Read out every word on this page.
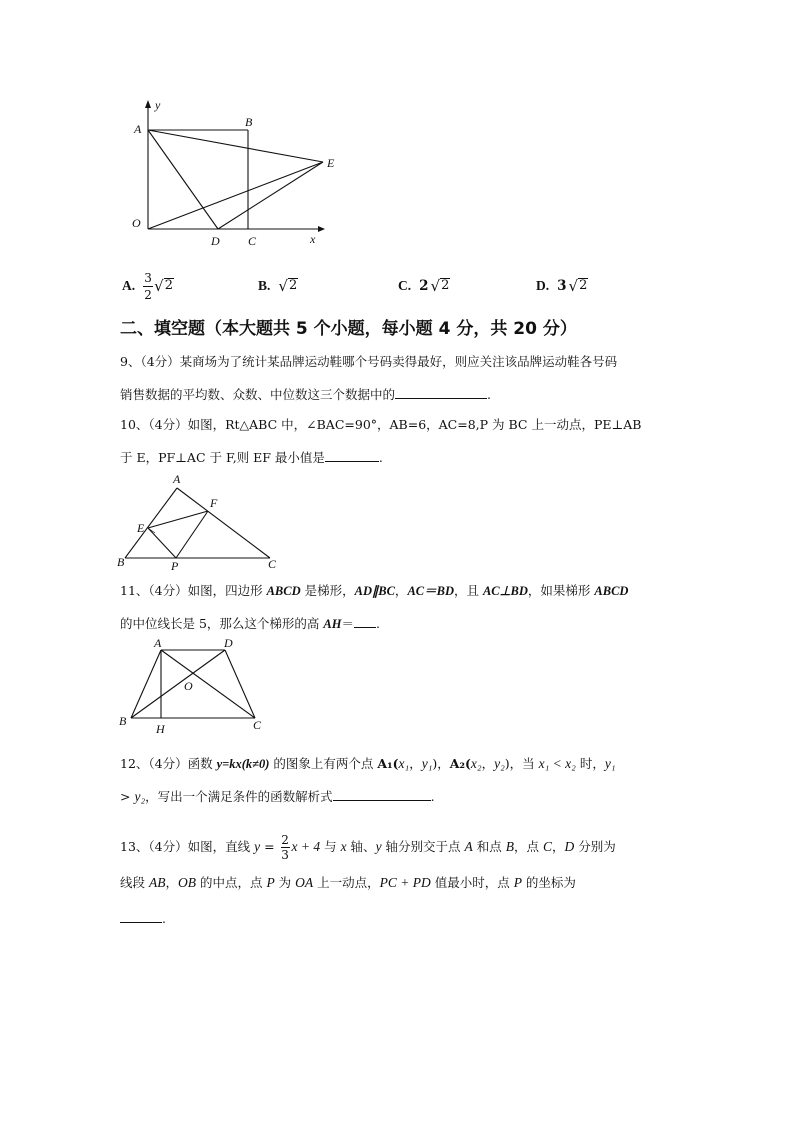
y
x
A	B
E
O
D C
A. $\frac{3}{2}$ √ 2	B. √ 2	C. 2 √ 2	D. 3 √ 2
二、填空题（本大题共 5 个小题，每小题 4 分，共 20 分）
9、（4分）某商场为了统计某品牌运动鞋哪个号码卖得最好，则应关注该品牌运动鞋各号码
销售数据的平均数、众数、中位数这三个数据中的	.
10、（4分）如图，Rt△ABC 中，∠BAC=90°，AB=6，AC=8,P 为 BC 上一动点，PE⊥AB
于 E，PF⊥AC 于 F,则 EF 最小值是	.
A
F
E
B	P	C
11、（4分）如图，四边形 ABCD 是梯形，AD∥BC，AC＝BD，且 AC⊥BD，如果梯形 ABCD
的中位线长是 5，那么这个梯形的高 AH＝ .
A	D
O
B
H	C
12、（4分）函数 y=kx(k≠0) 的图象上有两个点 A₁(x₁，y₁)，A₂(x₂，y₂)，当 x₁ < x₂ 时，y₁
> y₂，写出一个满足条件的函数解析式	.
13、（4分）如图，直线 $y = \frac{2}{3}$ x + 4 与 x 轴、y 轴分别交于点 A 和点 B，点 C，D 分别为
线段 AB，OB 的中点，点 P 为 OA 上一动点，PC + PD 值最小时，点 P 的坐标为
.
